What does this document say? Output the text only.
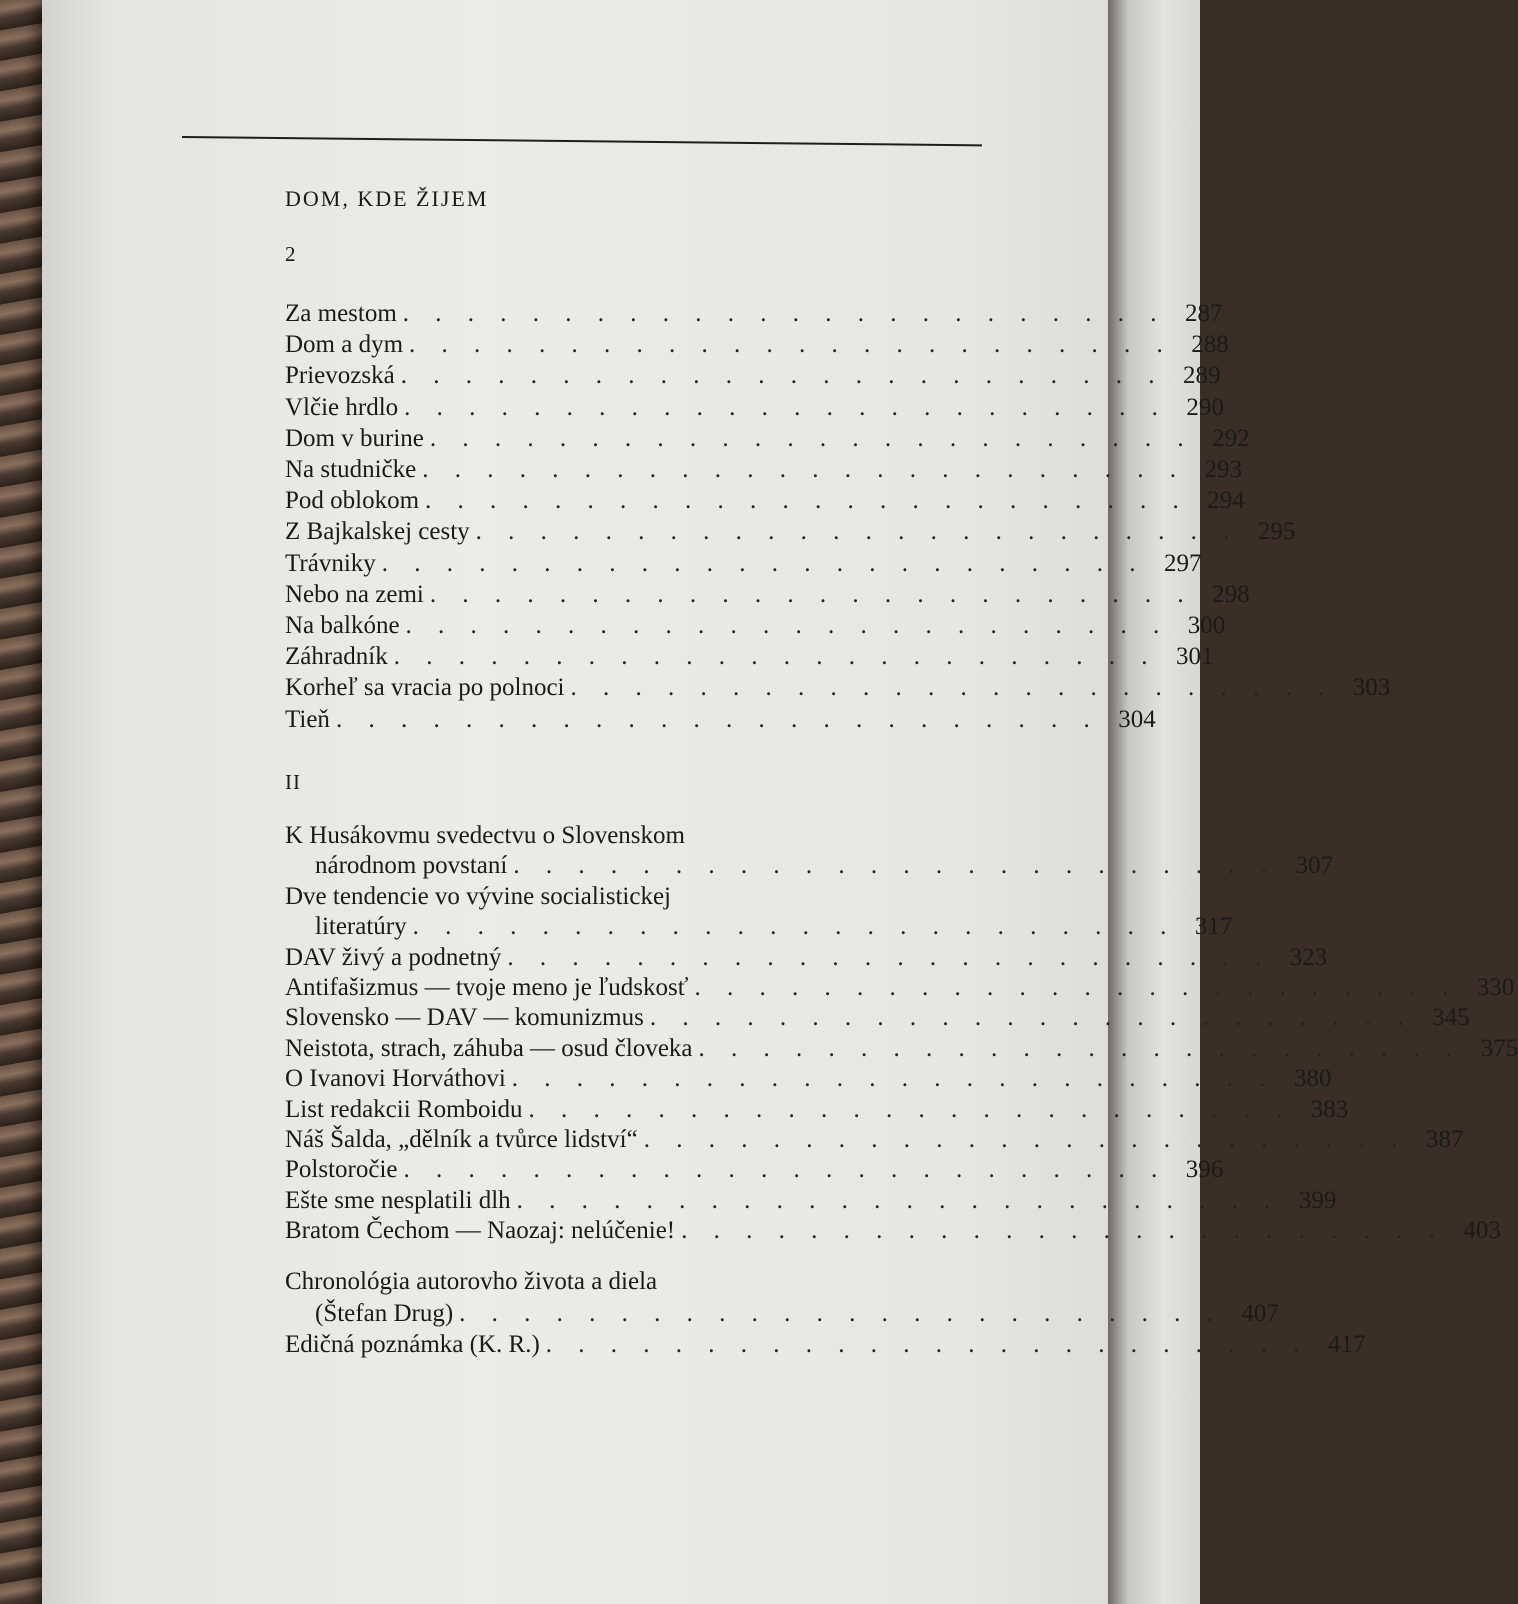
DOM, KDE ŽIJEM
2
Za mestom . . . . . . . . . . . . . . . . . . . . . . . . 287
Dom a dym . . . . . . . . . . . . . . . . . . . . . . . . 288
Prievozská . . . . . . . . . . . . . . . . . . . . . . . . 289
Vlčie hrdlo . . . . . . . . . . . . . . . . . . . . . . . . 290
Dom v burine . . . . . . . . . . . . . . . . . . . . . . . . 292
Na studničke . . . . . . . . . . . . . . . . . . . . . . . . 293
Pod oblokom . . . . . . . . . . . . . . . . . . . . . . . . 294
Z Bajkalskej cesty . . . . . . . . . . . . . . . . . . . . . . . . 295
Trávniky . . . . . . . . . . . . . . . . . . . . . . . . 297
Nebo na zemi . . . . . . . . . . . . . . . . . . . . . . . . 298
Na balkóne . . . . . . . . . . . . . . . . . . . . . . . . 300
Záhradník . . . . . . . . . . . . . . . . . . . . . . . . 301
Korheľ sa vracia po polnoci . . . . . . . . . . . . . . . . . . . . . . . . 303
Tieň . . . . . . . . . . . . . . . . . . . . . . . . 304
II
K Husákovmu svedectvu o Slovenskom
národnom povstaní . . . . . . . . . . . . . . . . . . . . . . . . 307
Dve tendencie vo vývine socialistickej
literatúry . . . . . . . . . . . . . . . . . . . . . . . . 317
DAV živý a podnetný . . . . . . . . . . . . . . . . . . . . . . . . 323
Antifašizmus — tvoje meno je ľudskosť . . . . . . . . . . . . . . . . . . . . . . . . 330
Slovensko — DAV — komunizmus . . . . . . . . . . . . . . . . . . . . . . . . 345
Neistota, strach, záhuba — osud človeka . . . . . . . . . . . . . . . . . . . . . . . . 375
O Ivanovi Horváthovi . . . . . . . . . . . . . . . . . . . . . . . . 380
List redakcii Romboidu . . . . . . . . . . . . . . . . . . . . . . . . 383
Náš Šalda, „dělník a tvůrce lidství“ . . . . . . . . . . . . . . . . . . . . . . . . 387
Polstoročie . . . . . . . . . . . . . . . . . . . . . . . . 396
Ešte sme nesplatili dlh . . . . . . . . . . . . . . . . . . . . . . . . 399
Bratom Čechom — Naozaj: nelúčenie! . . . . . . . . . . . . . . . . . . . . . . . . 403
Chronológia autorovho života a diela
(Štefan Drug) . . . . . . . . . . . . . . . . . . . . . . . . 407
Edičná poznámka (K. R.) . . . . . . . . . . . . . . . . . . . . . . . . 417
